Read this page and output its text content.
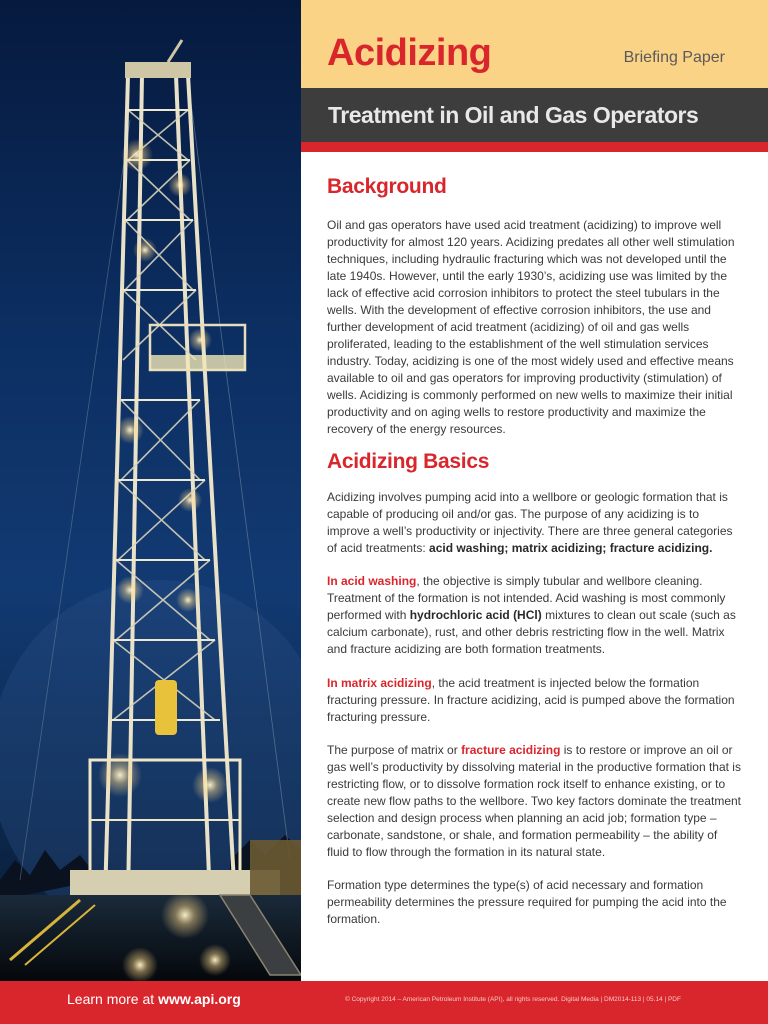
Acidizing	Briefing Paper
Treatment in Oil and Gas Operators
Background

Oil and gas operators have used acid treatment (acidizing) to improve well productivity for almost 120 years. Acidizing predates all other well stimulation techniques, including hydraulic fracturing which was not developed until the late 1940s. However, until the early 1930’s, acidizing use was limited by the lack of effective acid corrosion inhibitors to protect the steel tubulars in the wells. With the development of effective corrosion inhibitors, the use and further development of acid treatment (acidizing) of oil and gas wells proliferated, leading to the establishment of the well stimulation services industry. Today, acidizing is one of the most widely used and effective means available to oil and gas operators for improving productivity (stimulation) of wells. Acidizing is commonly performed on new wells to maximize their initial productivity and on aging wells to restore productivity and maximize the recovery of the energy resources.

Acidizing Basics

Acidizing involves pumping acid into a wellbore or geologic formation that is capable of producing oil and/or gas. The purpose of any acidizing is to improve a well’s productivity or injectivity. There are three general categories of acid treatments: acid washing; matrix acidizing; fracture acidizing.

In acid washing, the objective is simply tubular and wellbore cleaning. Treatment of the formation is not intended. Acid washing is most commonly performed with hydrochloric acid (HCl) mixtures to clean out scale (such as calcium carbonate), rust, and other debris restricting flow in the well. Matrix and fracture acidizing are both formation treatments.

In matrix acidizing, the acid treatment is injected below the formation fracturing pressure. In fracture acidizing, acid is pumped above the formation fracturing pressure.

The purpose of matrix or fracture acidizing is to restore or improve an oil or gas well’s productivity by dissolving material in the productive formation that is restricting flow, or to dissolve formation rock itself to enhance existing, or to create new flow paths to the wellbore. Two key factors dominate the treatment selection and design process when planning an acid job; formation type – carbonate, sandstone, or shale, and formation permeability – the ability of fluid to flow through the formation in its natural state.

Formation type determines the type(s) of acid necessary and formation permeability determines the pressure required for pumping the acid into the formation.

Learn more at www.api.org	© Copyright 2014 – American Petroleum Institute (API), all rights reserved. Digital Media | DM2014-113 | 05.14 | PDF
